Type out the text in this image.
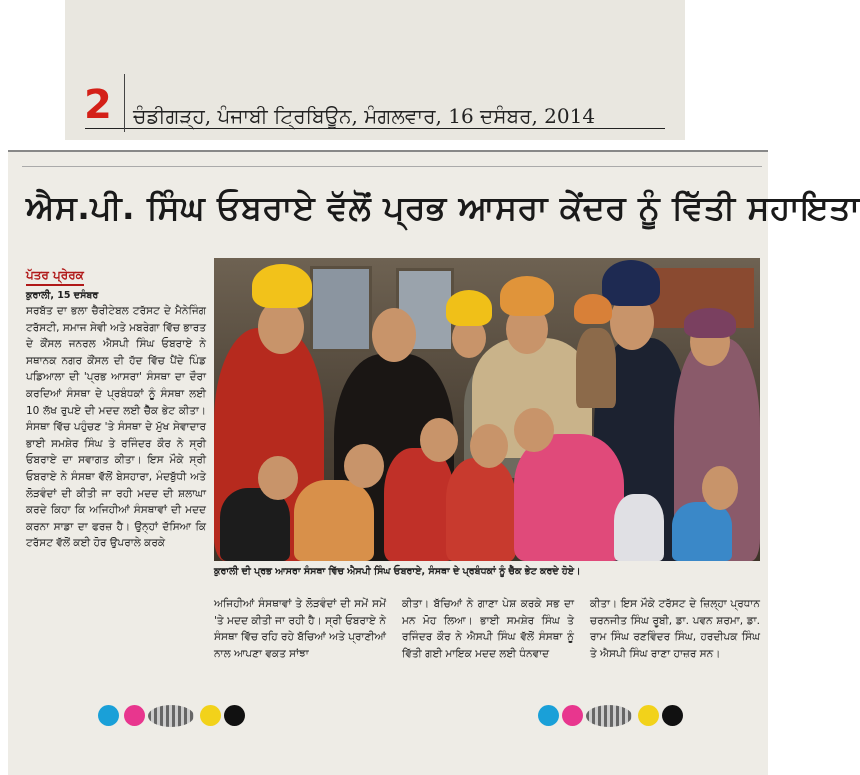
2	ਚੰਡੀਗੜ੍ਹ, ਪੰਜਾਬੀ ਟ੍ਰਿਬਿਊਨ, ਮੰਗਲਵਾਰ, 16 ਦਸੰਬਰ, 2014
ਐਸ.ਪੀ. ਸਿੰਘ ਓਬਰਾਏ ਵੱਲੋਂ ਪ੍ਰਭ ਆਸਰਾ ਕੇਂਦਰ ਨੂੰ ਵਿੱਤੀ ਸਹਾਇਤਾ
ਪੱਤਰ ਪ੍ਰੇਰਕ
ਕੁਰਾਲੀ, 15 ਦਸੰਬਰ
ਸਰਬੱਤ ਦਾ ਭਲਾ ਚੈਰੀਟੇਬਲ ਟਰੱਸਟ ਦੇ ਮੈਨੇਜਿੰਗ ਟਰੱਸਟੀ, ਸਮਾਜ ਸੇਵੀ ਅਤੇ ਮਬਰੇਗਾ ਵਿੱਚ ਭਾਰਤ ਦੇ ਕੌਂਸਲ ਜਨਰਲ ਐਸਪੀ ਸਿੰਘ ਓਬਰਾਏ ਨੇ ਸਥਾਨਕ ਨਗਰ ਕੌਂਸਲ ਦੀ ਹੱਦ ਵਿੱਚ ਪੈਂਦੇ ਪਿੰਡ ਪਡਿਆਲਾ ਦੀ 'ਪ੍ਰਭ ਆਸਰਾ' ਸੰਸਥਾ ਦਾ ਦੌਰਾ ਕਰਦਿਆਂ ਸੰਸਥਾ ਦੇ ਪ੍ਰਬੰਧਕਾਂ ਨੂੰ ਸੰਸਥਾ ਲਈ 10 ਲੱਖ ਰੁਪਏ ਦੀ ਮਦਦ ਲਈ ਚੈੱਕ ਭੇਟ ਕੀਤਾ। ਸੰਸਥਾ ਵਿੱਚ ਪਹੁੰਚਣ 'ਤੇ ਸੰਸਥਾ ਦੇ ਮੁੱਖ ਸੇਵਾਦਾਰ ਭਾਈ ਸਮਸ਼ੇਰ ਸਿੰਘ ਤੇ ਰਜਿੰਦਰ ਕੌਰ ਨੇ ਸ੍ਰੀ ਓਬਰਾਏ ਦਾ ਸਵਾਗਤ ਕੀਤਾ। ਇਸ ਮੌਕੇ ਸ੍ਰੀ ਓਬਰਾਏ ਨੇ ਸੰਸਥਾ ਵੱਲੋਂ ਬੇਸਹਾਰਾ, ਮੰਦਬੁੱਧੀ ਅਤੇ ਲੋੜਵੰਦਾਂ ਦੀ ਕੀਤੀ ਜਾ ਰਹੀ ਮਦਦ ਦੀ ਸ਼ਲਾਘਾ ਕਰਦੇ ਕਿਹਾ ਕਿ ਅਜਿਹੀਆਂ ਸੰਸਥਾਵਾਂ ਦੀ ਮਦਦ ਕਰਨਾ ਸਾਡਾ ਦਾ ਫਰਜ਼ ਹੈ। ਉਨ੍ਹਾਂ ਦੱਸਿਆ ਕਿ ਟਰੱਸਟ ਵੱਲੋਂ ਕਈ ਹੋਰ ਉਪਰਾਲੇ ਕਰਕੇ
ਕੁਰਾਲੀ ਦੀ ਪ੍ਰਭ ਆਸਰਾ ਸੰਸਥਾ ਵਿੱਚ ਐਸਪੀ ਸਿੰਘ ਓਬਰਾਏ, ਸੰਸਥਾ ਦੇ ਪ੍ਰਬੰਧਕਾਂ ਨੂੰ ਚੈੱਕ ਭੇਟ ਕਰਦੇ ਹੋਏ।
ਅਜਿਹੀਆਂ ਸੰਸਥਾਵਾਂ ਤੇ ਲੋੜਵੰਦਾਂ ਦੀ ਸਮੇਂ ਸਮੇਂ 'ਤੇ ਮਦਦ ਕੀਤੀ ਜਾ ਰਹੀ ਹੈ। ਸ੍ਰੀ ਓਬਰਾਏ ਨੇ ਸੰਸਥਾ ਵਿੱਚ ਰਹਿ ਰਹੇ ਬੱਚਿਆਂ ਅਤੇ ਪ੍ਰਾਣੀਆਂ ਨਾਲ ਆਪਣਾ ਵਕਤ ਸਾਂਝਾ
ਕੀਤਾ। ਬੱਚਿਆਂ ਨੇ ਗਾਣਾ ਪੇਸ਼ ਕਰਕੇ ਸਭ ਦਾ ਮਨ ਮੋਹ ਲਿਆ। ਭਾਈ ਸਮਸ਼ੇਰ ਸਿੰਘ ਤੇ ਰਜਿੰਦਰ ਕੌਰ ਨੇ ਐਸਪੀ ਸਿੰਘ ਵੱਲੋਂ ਸੰਸਥਾ ਨੂੰ ਵਿੱਤੀ ਗਈ ਮਾਇਕ ਮਦਦ ਲਈ ਧੰਨਵਾਦ
ਕੀਤਾ। ਇਸ ਮੌਕੇ ਟਰੱਸਟ ਦੇ ਜ਼ਿਲ੍ਹਾ ਪ੍ਰਧਾਨ ਚਰਨਜੀਤ ਸਿੰਘ ਰੂਬੀ, ਡਾ. ਪਵਨ ਸ਼ਰਮਾ, ਡਾ. ਰਾਮ ਸਿੰਘ ਰਣਵਿੰਦਰ ਸਿੰਘ, ਹਰਦੀਪਕ ਸਿੰਘ ਤੇ ਐਸਪੀ ਸਿੰਘ ਰਾਣਾ ਹਾਜ਼ਰ ਸਨ।
